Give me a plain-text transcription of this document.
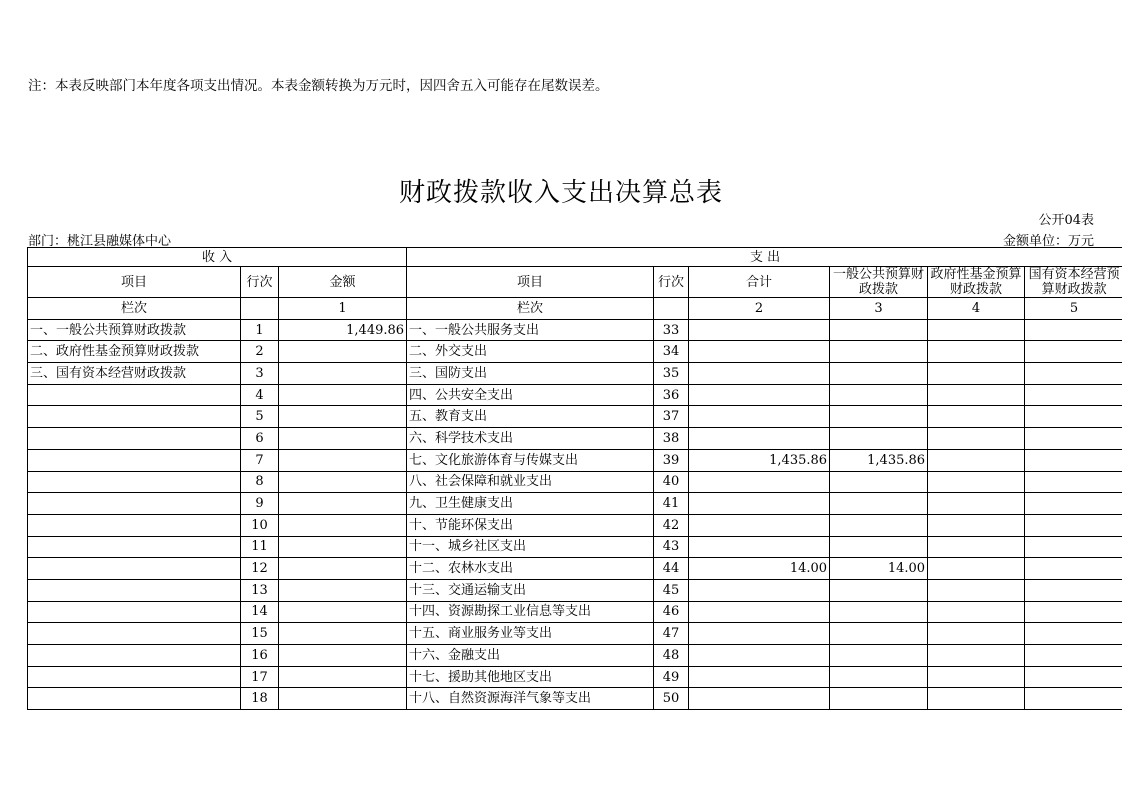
注：本表反映部门本年度各项支出情况。本表金额转换为万元时，因四舍五入可能存在尾数误差。
财政拨款收入支出决算总表
公开04表
部门：桃江县融媒体中心	金额单位：万元
收 入			支 出					
项目	行次	金额	项目	行次	合计	一般公共预算财政拨款	政府性基金预算财政拨款	国有资本经营预算财政拨款
栏次		1	栏次		2	3	4	5
一、一般公共预算财政拨款	1	1,449.86	一、一般公共服务支出	33				
二、政府性基金预算财政拨款	2		二、外交支出	34				
三、国有资本经营财政拨款	3		三、国防支出	35				
	4		四、公共安全支出	36				
	5		五、教育支出	37				
	6		六、科学技术支出	38				
	7		七、文化旅游体育与传媒支出	39	1,435.86	1,435.86		
	8		八、社会保障和就业支出	40				
	9		九、卫生健康支出	41				
	10		十、节能环保支出	42				
	11		十一、城乡社区支出	43				
	12		十二、农林水支出	44	14.00	14.00		
	13		十三、交通运输支出	45				
	14		十四、资源勘探工业信息等支出	46				
	15		十五、商业服务业等支出	47				
	16		十六、金融支出	48				
	17		十七、援助其他地区支出	49				
	18		十八、自然资源海洋气象等支出	50				
